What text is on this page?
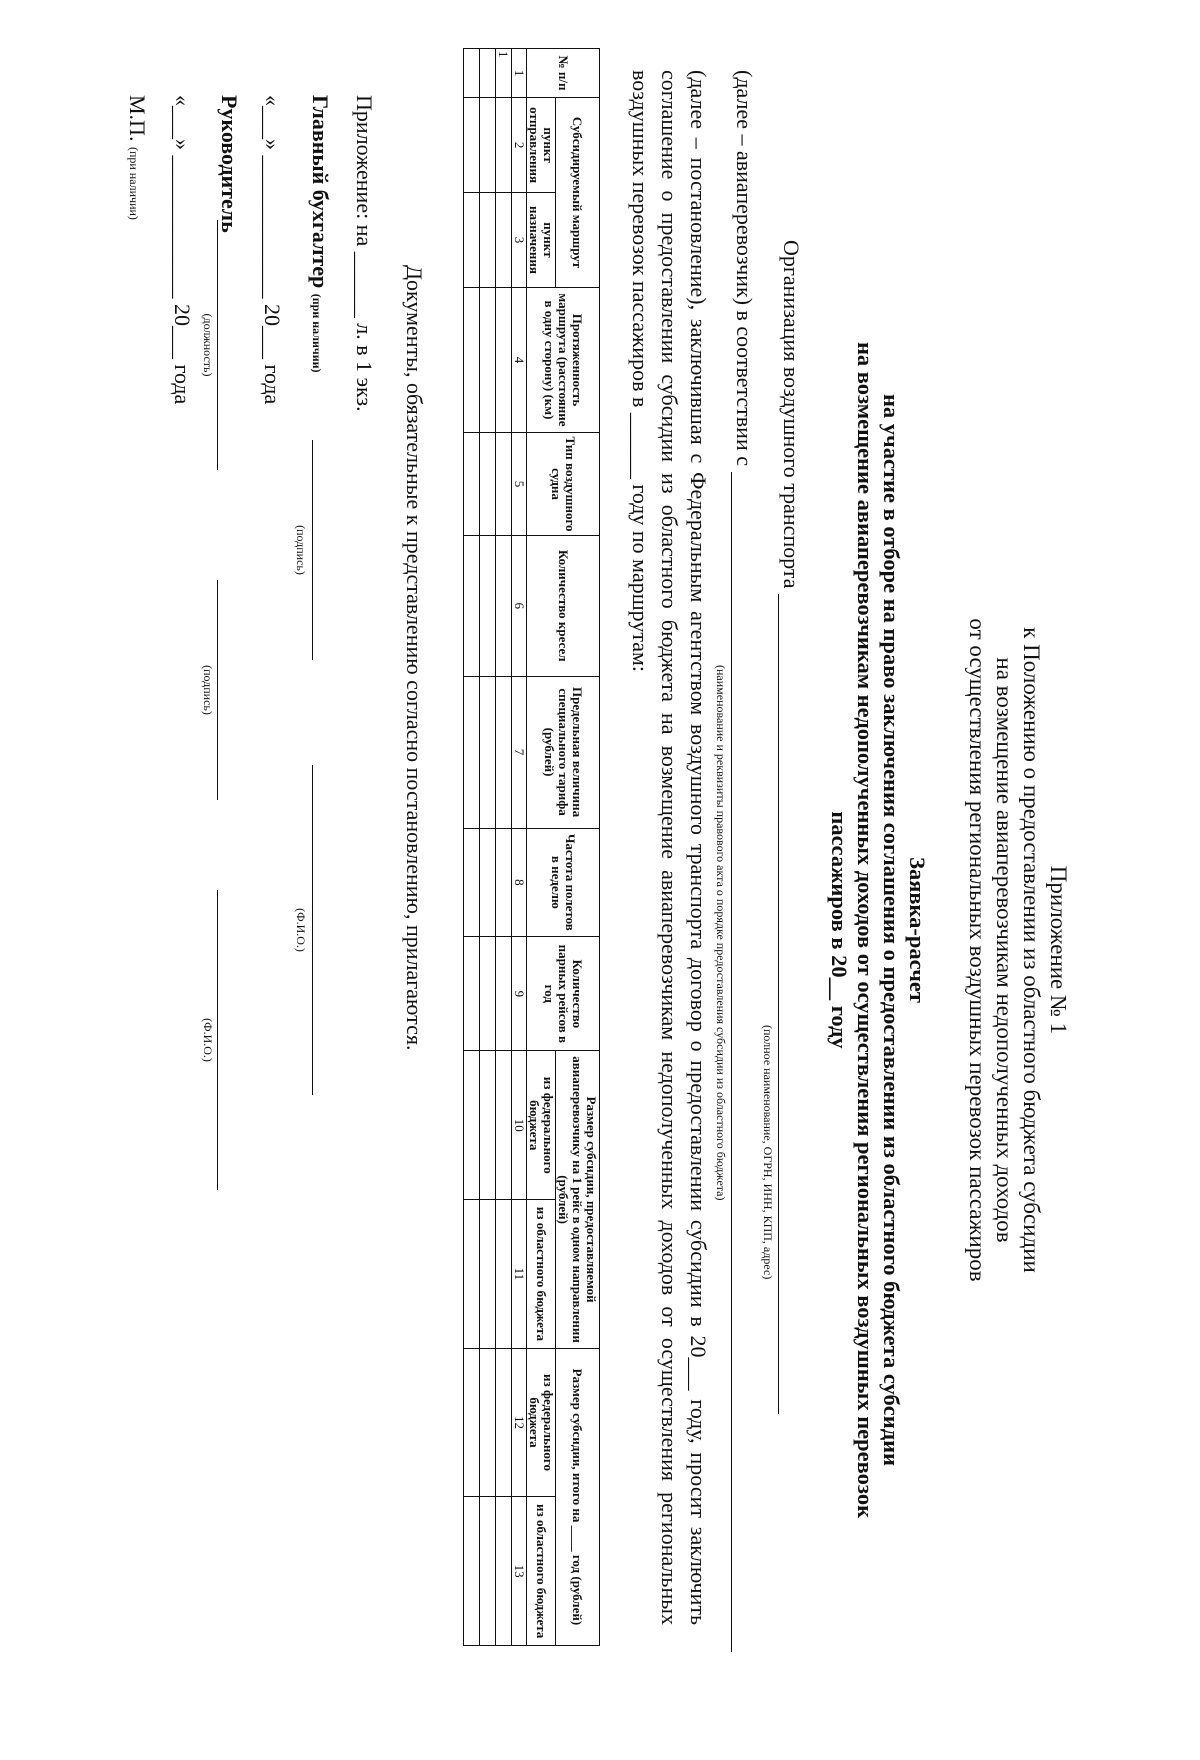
Приложение № 1
к Положению о предоставлении из областного бюджета субсидии
на возмещение авиаперевозчикам недополученных доходов
от осуществления региональных воздушных перевозок пассажиров
Заявка-расчет
на участие в отборе на право заключения соглашения о предоставлении из областного бюджета субсидии
на возмещение авиаперевозчикам недополученных доходов от осуществления региональных воздушных перевозок
пассажиров в 20__ году
Организация воздушного транспорта
(полное наименование, ОГРН, ИНН, КПП, адрес)
(далее – авиаперевозчик) в соответствии с
(наименование и реквизиты правового акта о порядке предоставления субсидии из областного бюджета)
(далее – постановление), заключившая с Федеральным агентством воздушного транспорта договор о предоставлении субсидии в 20___ году, просит заключить соглашение о предоставлении субсидии из областного бюджета на возмещение авиаперевозчикам недополученных доходов от осуществления региональных воздушных перевозок пассажиров в ______ году по маршрутам:
№ п/п	Субсидируемый маршрут		Протяженность маршрута (расстояние в одну сторону) (км)	Тип воздушного судна	Количество кресел	Предельная величина специального тарифа (рублей)	Частота полетов в неделю	Количество парных рейсов в год	Размер субсидии, предоставляемой авиаперевозчику на 1 рейс в одном направлении (рублей)		Размер субсидии, итого на ____ год (рублей)	
	пункт отправления	пункт назначения							из федерального бюджета	из областного бюджета	из федерального бюджета	из областного бюджета
1	2	3	4	5	6	7	8	9	10	11	12	13
1												

Документы, обязательные к представлению согласно постановлению, прилагаются.
Приложение: на ______ л. в 1 экз.
Главный бухгалтер (при наличии)
(подпись)
(Ф.И.О.)
«___» _____________ 20___ года
Руководитель
(должность)
(подпись)
(Ф.И.О.)
«___» _____________ 20___ года
М.П. (при наличии)
